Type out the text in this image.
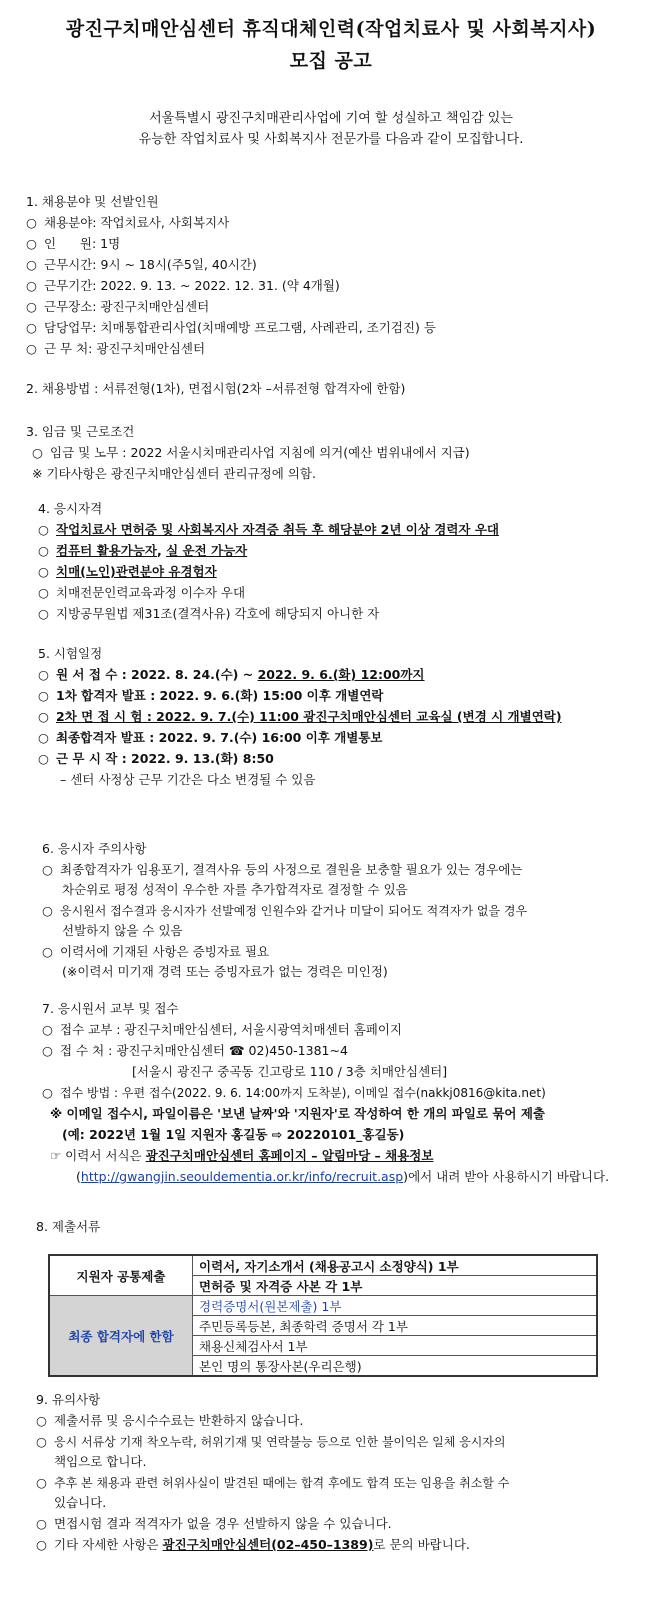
광진구치매안심센터 휴직대체인력(작업치료사 및 사회복지사)
모집 공고
서울특별시 광진구치매관리사업에 기여 할 성실하고 책임감 있는
유능한 작업치료사 및 사회복지사 전문가를 다음과 같이 모집합니다.
1. 채용분야 및 선발인원
○ 채용분야: 작업치료사, 사회복지사
○ 인      원: 1명
○ 근무시간: 9시 ~ 18시(주5일, 40시간)
○ 근무기간: 2022. 9. 13. ~ 2022. 12. 31. (약 4개월)
○ 근무장소: 광진구치매안심센터
○ 담당업무: 치매통합관리사업(치매예방 프로그램, 사례관리, 조기검진) 등
○ 근 무 처: 광진구치매안심센터
2. 채용방법 : 서류전형(1차), 면접시험(2차 –서류전형 합격자에 한함)
3. 임금 및 근로조건
○ 임금 및 노무 : 2022 서울시치매관리사업 지침에 의거(예산 범위내에서 지급)
※ 기타사항은 광진구치매안심센터 관리규정에 의함.
4. 응시자격
○ 작업치료사 면허증 및 사회복지사 자격증 취득 후 해당분야 2년 이상 경력자 우대
○ 컴퓨터 활용가능자, 실 운전 가능자
○ 치매(노인)관련분야 유경험자
○ 치매전문인력교육과정 이수자 우대
○ 지방공무원법 제31조(결격사유) 각호에 해당되지 아니한 자
5. 시험일정
○ 원 서 접 수 : 2022. 8. 24.(수) ~ 2022. 9. 6.(화) 12:00까지
○ 1차 합격자 발표 : 2022. 9. 6.(화) 15:00 이후 개별연락
○ 2차 면 접 시 험 : 2022. 9. 7.(수) 11:00 광진구치매안심센터 교육실 (변경 시 개별연락)
○ 최종합격자 발표 : 2022. 9. 7.(수) 16:00 이후 개별통보
○ 근 무 시 작 : 2022. 9. 13.(화) 8:50
– 센터 사정상 근무 기간은 다소 변경될 수 있음
6. 응시자 주의사항
○ 최종합격자가 임용포기, 결격사유 등의 사정으로 결원을 보충할 필요가 있는 경우에는
차순위로 평정 성적이 우수한 자를 추가합격자로 결정할 수 있음
○ 응시원서 접수결과 응시자가 선발예정 인원수와 같거나 미달이 되어도 적격자가 없을 경우
선발하지 않을 수 있음
○ 이력서에 기재된 사항은 증빙자료 필요
(※이력서 미기재 경력 또는 증빙자료가 없는 경력은 미인정)
7. 응시원서 교부 및 접수
○ 접수 교부 : 광진구치매안심센터, 서울시광역치매센터 홈페이지
○ 접 수 처 : 광진구치매안심센터 ☎ 02)450-1381~4
[서울시 광진구 중곡동 긴고랑로 110 / 3층 치매안심센터]
○ 접수 방법 : 우편 접수(2022. 9. 6. 14:00까지 도착분), 이메일 접수(nakkj0816@kita.net)
※ 이메일 접수시, 파일이름은 '보낸 날짜'와 '지원자'로 작성하여 한 개의 파일로 묶어 제출
(예: 2022년 1월 1일 지원자 홍길동 ⇨ 20220101_홍길동)
☞ 이력서 서식은 광진구치매안심센터 홈페이지 – 알림마당 – 채용정보
(http://gwangjin.seouldementia.or.kr/info/recruit.asp)에서 내려 받아 사용하시기 바랍니다.
8. 제출서류
지원자 공통제출	이력서, 자기소개서 (채용공고시 소정양식) 1부
	면허증 및 자격증 사본 각 1부
최종 합격자에 한함	경력증명서(원본제출) 1부
	주민등록등본, 최종학력 증명서 각 1부
	채용신체검사서 1부
	본인 명의 통장사본(우리은행)
9. 유의사항
○ 제출서류 및 응시수수료는 반환하지 않습니다.
○ 응시 서류상 기재 착오누락, 허위기재 및 연락불능 등으로 인한 불이익은 일체 응시자의
책임으로 합니다.
○ 추후 본 채용과 관련 허위사실이 발견된 때에는 합격 후에도 합격 또는 임용을 취소할 수
있습니다.
○ 면접시험 결과 적격자가 없을 경우 선발하지 않을 수 있습니다.
○ 기타 자세한 사항은 광진구치매안심센터(02–450–1389)로 문의 바랍니다.
